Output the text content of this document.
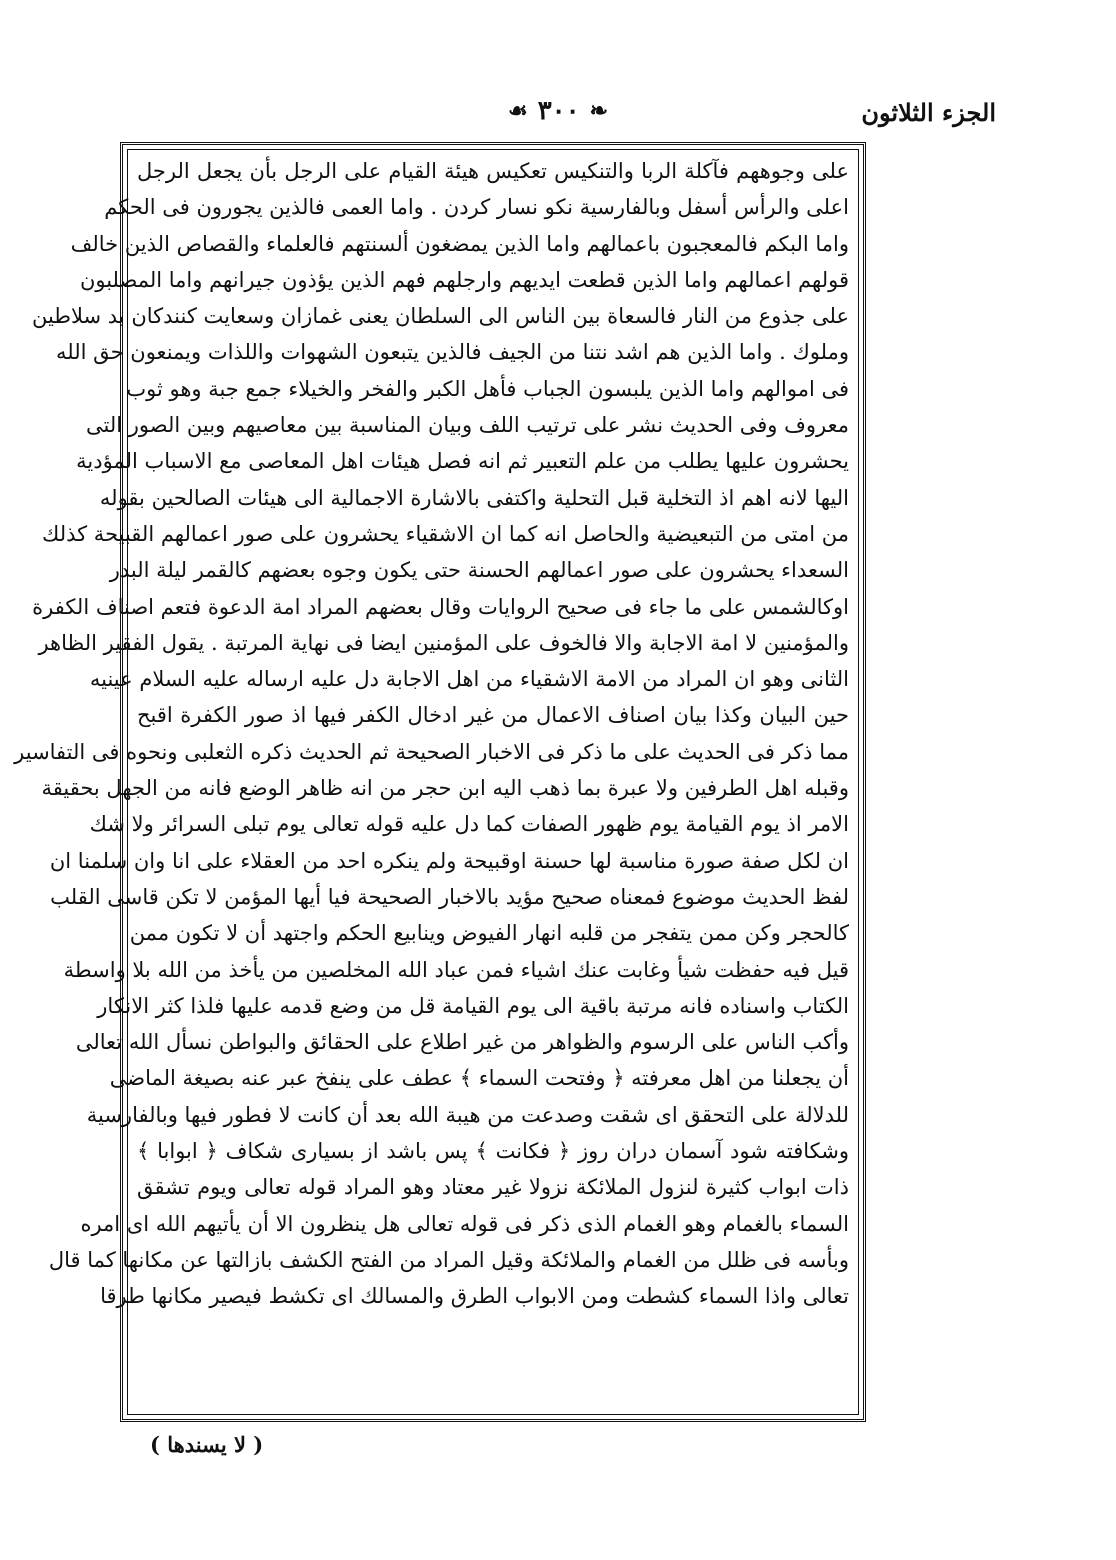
الجزء الثلاثون
❧
٣٠٠
☙
على وجوههم فآكلة الربا والتنكيس تعكيس هيئة القيام على الرجل بأن يجعل الرجل
اعلى والرأس أسفل وبالفارسية نكو نسار كردن . واما العمى فالذين يجورون فى الحكم
واما البكم فالمعجبون باعمالهم واما الذين يمضغون ألسنتهم فالعلماء والقصاص الذين خالف
قولهم اعمالهم واما الذين قطعت ايديهم وارجلهم فهم الذين يؤذون جيرانهم واما المصلبون
على جذوع من النار فالسعاة بين الناس الى السلطان يعنى غمازان وسعايت كنندكان بد سلاطين
وملوك . واما الذين هم اشد نتنا من الجيف فالذين يتبعون الشهوات واللذات ويمنعون حق الله
فى اموالهم واما الذين يلبسون الجباب فأهل الكبر والفخر والخيلاء جمع جبة وهو ثوب
معروف وفى الحديث نشر على ترتيب اللف وبيان المناسبة بين معاصيهم وبين الصور التى
يحشرون عليها يطلب من علم التعبير ثم انه فصل هيئات اهل المعاصى مع الاسباب المؤدية
اليها لانه اهم اذ التخلية قبل التحلية واكتفى بالاشارة الاجمالية الى هيئات الصالحين بقوله
من امتى من التبعيضية والحاصل انه كما ان الاشقياء يحشرون على صور اعمالهم القبيحة كذلك
السعداء يحشرون على صور اعمالهم الحسنة حتى يكون وجوه بعضهم كالقمر ليلة البدر
اوكالشمس على ما جاء فى صحيح الروايات وقال بعضهم المراد امة الدعوة فتعم اصناف الكفرة
والمؤمنين لا امة الاجابة والا فالخوف على المؤمنين ايضا فى نهاية المرتبة . يقول الفقير الظاهر
الثانى وهو ان المراد من الامة الاشقياء من اهل الاجابة دل عليه ارساله عليه السلام عينيه
حين البيان وكذا بيان اصناف الاعمال من غير ادخال الكفر فيها اذ صور الكفرة اقبح
مما ذكر فى الحديث على ما ذكر فى الاخبار الصحيحة ثم الحديث ذكره الثعلبى ونحوه فى التفاسير
وقبله اهل الطرفين ولا عبرة بما ذهب اليه ابن حجر من انه ظاهر الوضع فانه من الجهل بحقيقة
الامر اذ يوم القيامة يوم ظهور الصفات كما دل عليه قوله تعالى يوم تبلى السرائر ولا شك
ان لكل صفة صورة مناسبة لها حسنة اوقبيحة ولم ينكره احد من العقلاء على انا وان سلمنا ان
لفظ الحديث موضوع فمعناه صحيح مؤيد بالاخبار الصحيحة فيا أيها المؤمن لا تكن قاسى القلب
كالحجر وكن ممن يتفجر من قلبه انهار الفيوض وينابيع الحكم واجتهد أن لا تكون ممن
قيل فيه حفظت شيأ وغابت عنك اشياء فمن عباد الله المخلصين من يأخذ من الله بلا واسطة
الكتاب واسناده فانه مرتبة باقية الى يوم القيامة قل من وضع قدمه عليها فلذا كثر الانكار
وأكب الناس على الرسوم والظواهر من غير اطلاع على الحقائق والبواطن نسأل الله تعالى
أن يجعلنا من اهل معرفته ﴿ وفتحت السماء ﴾ عطف على ينفخ عبر عنه بصيغة الماضى
للدلالة على التحقق اى شقت وصدعت من هيبة الله بعد أن كانت لا فطور فيها وبالفارسية
وشكافته شود آسمان دران روز ﴿ فكانت ﴾ پس باشد از بسيارى شكاف ﴿ ابوابا ﴾
ذات ابواب كثيرة لنزول الملائكة نزولا غير معتاد وهو المراد قوله تعالى ويوم تشقق
السماء بالغمام وهو الغمام الذى ذكر فى قوله تعالى هل ينظرون الا أن يأتيهم الله اى امره
وبأسه فى ظلل من الغمام والملائكة وقيل المراد من الفتح الكشف بازالتها عن مكانها كما قال
تعالى واذا السماء كشطت ومن الابواب الطرق والمسالك اى تكشط فيصير مكانها طرقا
( لا يسندها )
